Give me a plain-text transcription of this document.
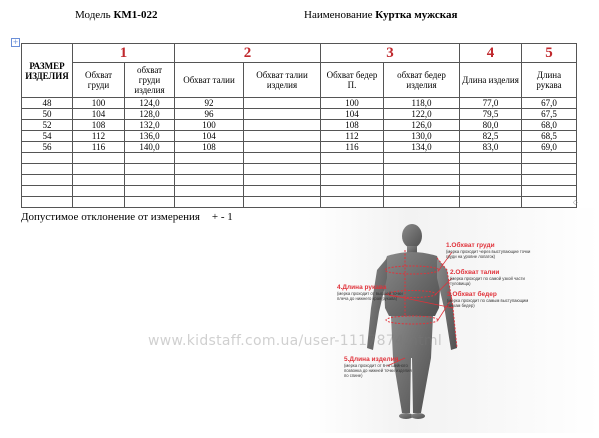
Модель КМ1-022	Наименование Куртка мужская
+
РАЗМЕР ИЗДЕЛИЯ	1		2		3		4	5
	Обхват груди	обхват груди изделия	Обхват талии	Обхват талии изделия	Обхват бедер П.	обхват бедер изделия	Длина изделия	Длина рукава
48	100	124,0	92		100	118,0	77,0	67,0
50	104	128,0	96		104	122,0	79,5	67,5
52	108	132,0	100		108	126,0	80,0	68,0
54	112	136,0	104		112	130,0	82,5	68,5
56	116	140,0	108		116	134,0	83,0	69,0

Допустимое отклонение от измерения + - 1
◇
1.Обхват груди
(мерка проходит через выступающие точки груди на уровне лопаток)
2.Обхват талии
(мерка проходит по самой узкой части туловища)
3.Обхват бедер
(мерка проходит по самым выступающим точкам бедер)
4.Длина рукава
(мерка проходит от высшей точки плеча до нижнего края рукава)
5.Длина изделия
(мерка проходит от 6-го шейного позвонка до нижней точки изделия по спине)
www.kidstaff.com.ua/user-1117874.html
